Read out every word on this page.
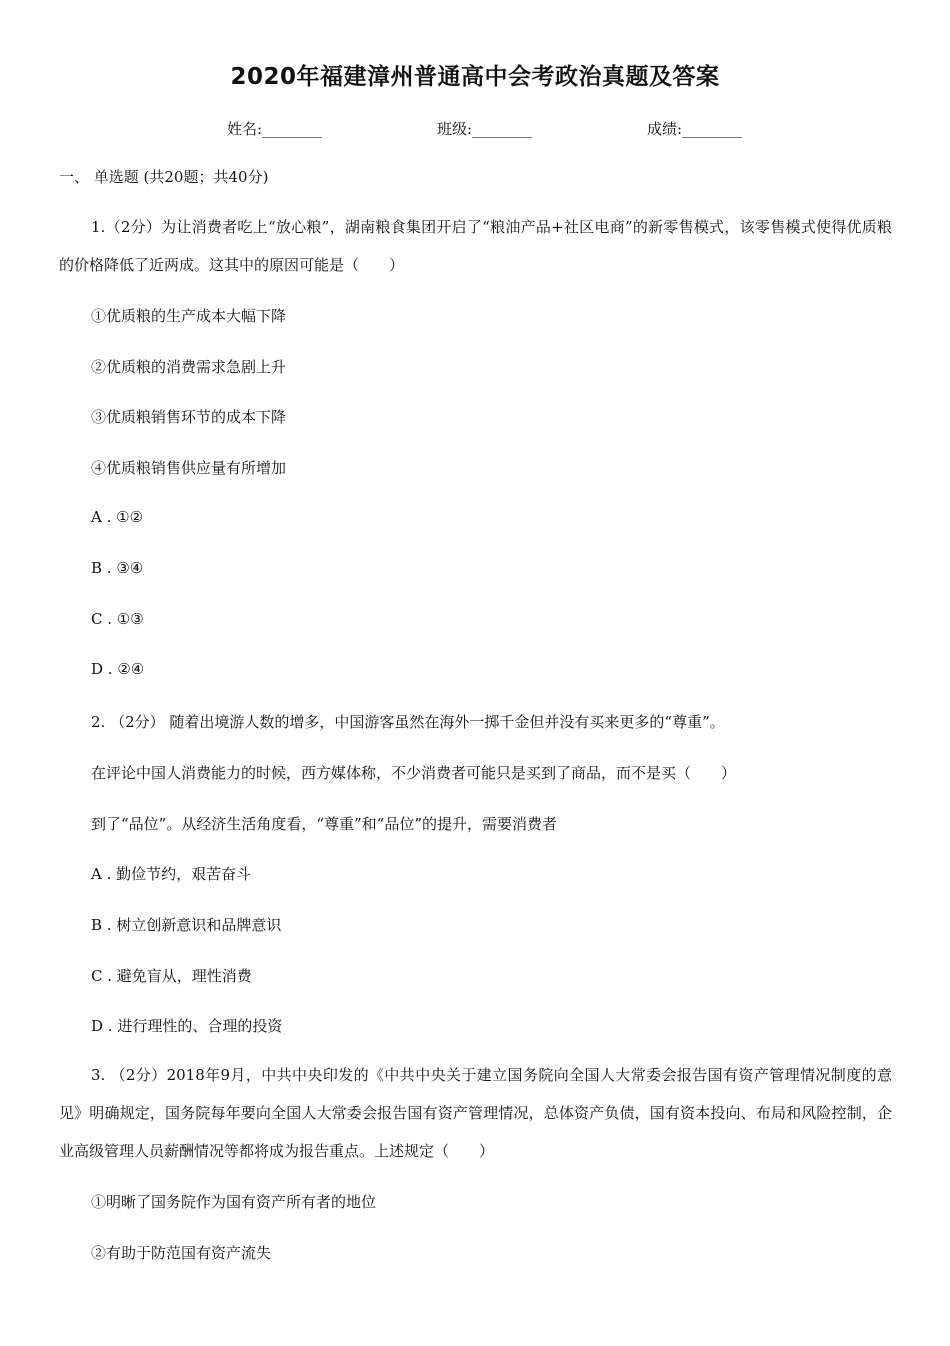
2020年福建漳州普通高中会考政治真题及答案
姓名:________	班级:________	成绩:________
一、 单选题 (共20题；共40分)
1.（2分）为让消费者吃上“放心粮”，湖南粮食集团开启了“粮油产品+社区电商”的新零售模式，该零售模式使得优质粮的价格降低了近两成。这其中的原因可能是（　　）
①优质粮的生产成本大幅下降
②优质粮的消费需求急剧上升
③优质粮销售环节的成本下降
④优质粮销售供应量有所增加
A . ①②
B . ③④
C . ①③
D . ②④
2. （2分） 随着出境游人数的增多，中国游客虽然在海外一掷千金但并没有买来更多的“尊重”。
在评论中国人消费能力的时候，西方媒体称，不少消费者可能只是买到了商品，而不是买（　　）
到了“品位”。从经济生活角度看，“尊重”和“品位”的提升，需要消费者
A . 勤俭节约，艰苦奋斗
B . 树立创新意识和品牌意识
C . 避免盲从，理性消费
D . 进行理性的、合理的投资
3. （2分）2018年9月，中共中央印发的《中共中央关于建立国务院向全国人大常委会报告国有资产管理情况制度的意见》明确规定，国务院每年要向全国人大常委会报告国有资产管理情况，总体资产负债，国有资本投向、布局和风险控制，企业高级管理人员薪酬情况等都将成为报告重点。上述规定（　　）
①明晰了国务院作为国有资产所有者的地位
②有助于防范国有资产流失
